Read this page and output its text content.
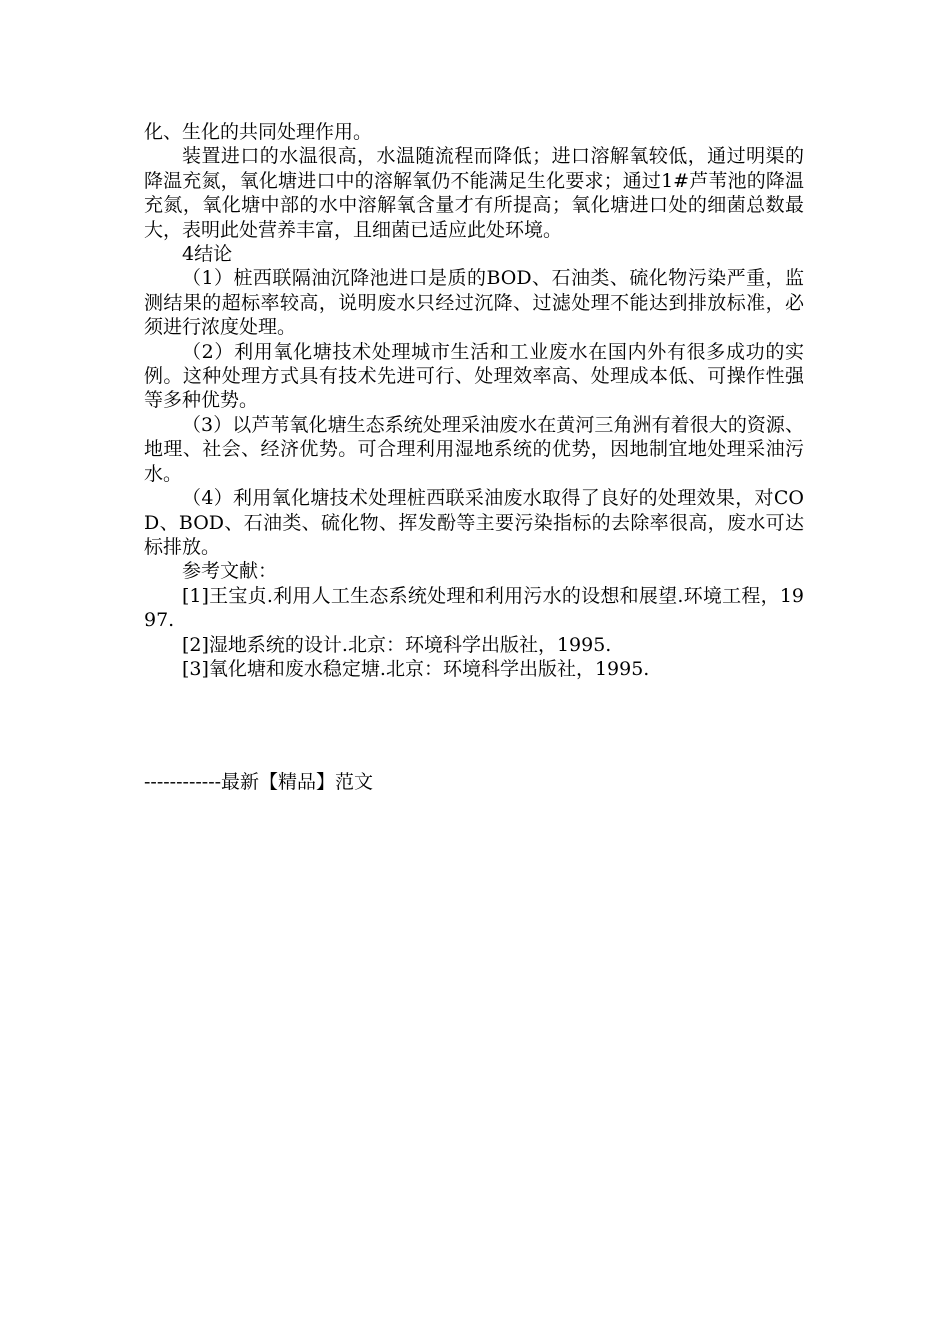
化、生化的共同处理作用。

装置进口的水温很高，水温随流程而降低；进口溶解氧较低，通过明渠的降温充氮，氧化塘进口中的溶解氧仍不能满足生化要求；通过1#芦苇池的降温充氮，氧化塘中部的水中溶解氧含量才有所提高；氧化塘进口处的细菌总数最大，表明此处营养丰富，且细菌已适应此处环境。

4结论

（1）桩西联隔油沉降池进口是质的BOD、石油类、硫化物污染严重，监测结果的超标率较高，说明废水只经过沉降、过滤处理不能达到排放标准，必须进行浓度处理。

（2）利用氧化塘技术处理城市生活和工业废水在国内外有很多成功的实例。这种处理方式具有技术先进可行、处理效率高、处理成本低、可操作性强等多种优势。

（3）以芦苇氧化塘生态系统处理采油废水在黄河三角洲有着很大的资源、地理、社会、经济优势。可合理利用湿地系统的优势，因地制宜地处理采油污水。

（4）利用氧化塘技术处理桩西联采油废水取得了良好的处理效果，对COD、BOD、石油类、硫化物、挥发酚等主要污染指标的去除率很高，废水可达标排放。

参考文献：

[1]王宝贞.利用人工生态系统处理和利用污水的设想和展望.环境工程，1997.

[2]湿地系统的设计.北京：环境科学出版社，1995.

[3]氧化塘和废水稳定塘.北京：环境科学出版社，1995.

------------最新【精品】范文
